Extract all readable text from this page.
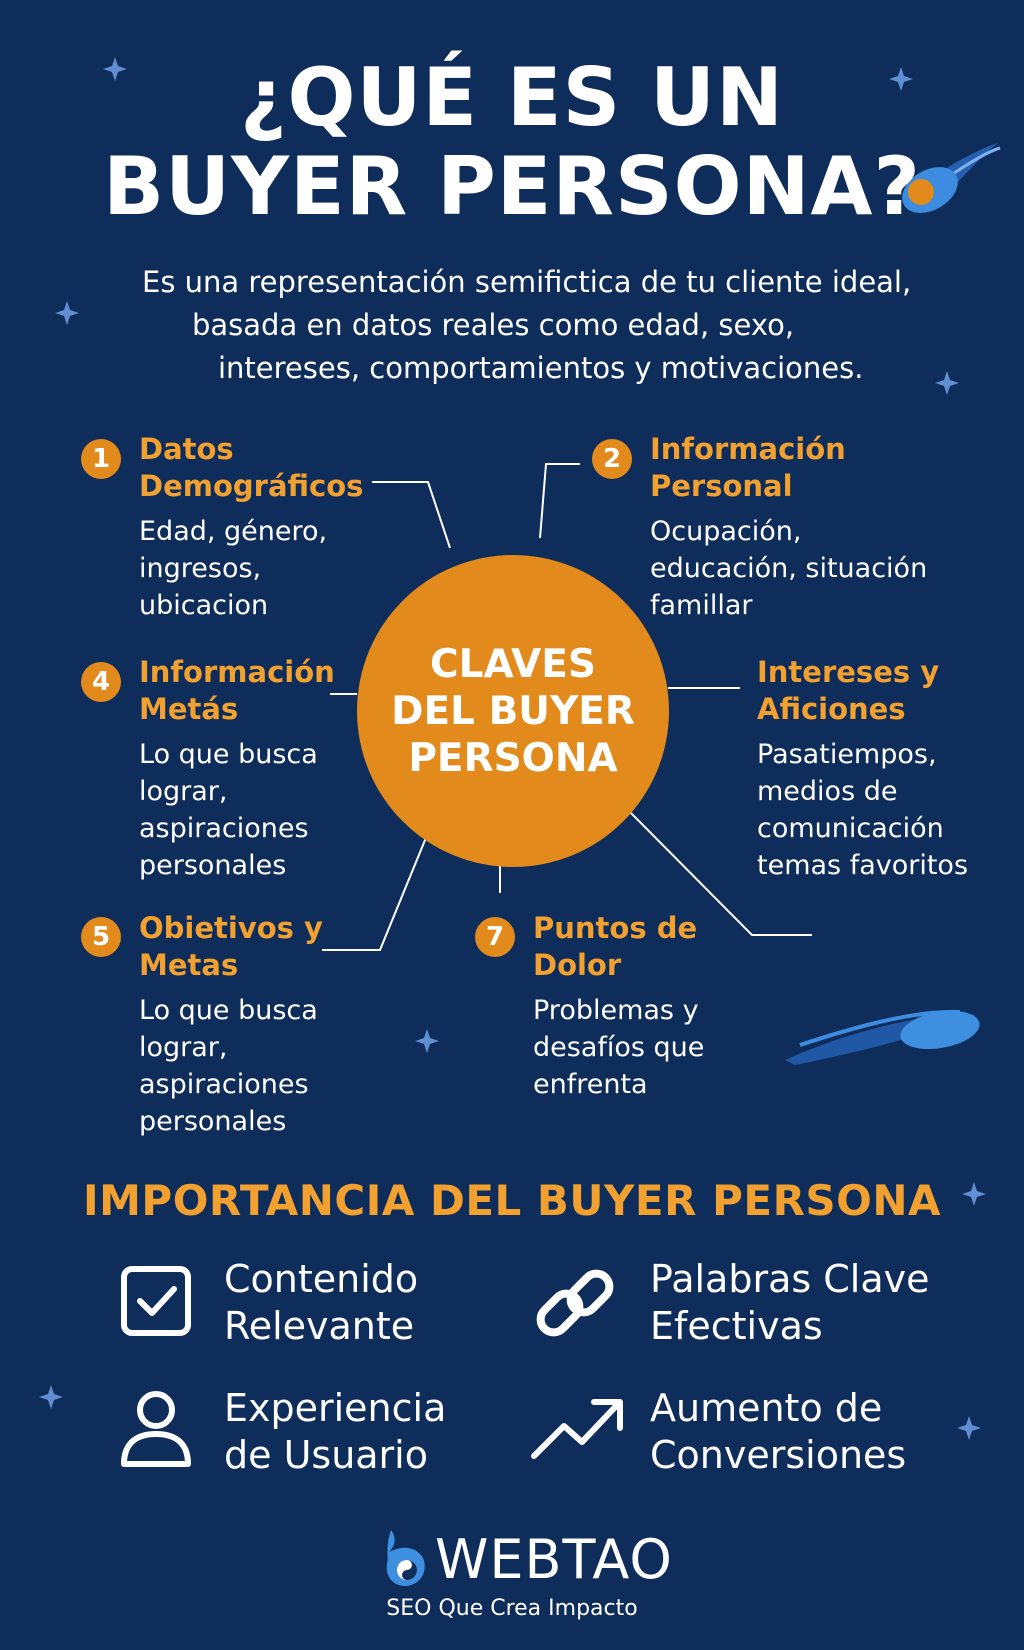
¿QUÉ ES UN
BUYER PERSONA?
Es una representación semifictica de tu cliente ideal,
basada en datos reales como edad, sexo,
intereses, comportamientos y motivaciones.
CLAVES
DEL BUYER
PERSONA
1 Datos
Demográficos
Edad, género,
ingresos,
ubicacion
2 Información
Personal
Ocupación,
educación, situación
famillar
Intereses y
Aficiones
Pasatiempos,
medios de
comunicación
temas favoritos
4 Información
Metás
Lo que busca
lograr,
aspiraciones
personales
5 Obietivos y
Metas
Lo que busca
lograr,
aspiraciones
personales
7 Puntos de
Dolor
Problemas y
desafíos que
enfrenta
IMPORTANCIA DEL BUYER PERSONA
Contenido
Relevante
Palabras Clave
Efectivas
Experiencia
de Usuario
Aumento de
Conversiones
WEBTAO
SEO Que Crea Impacto
